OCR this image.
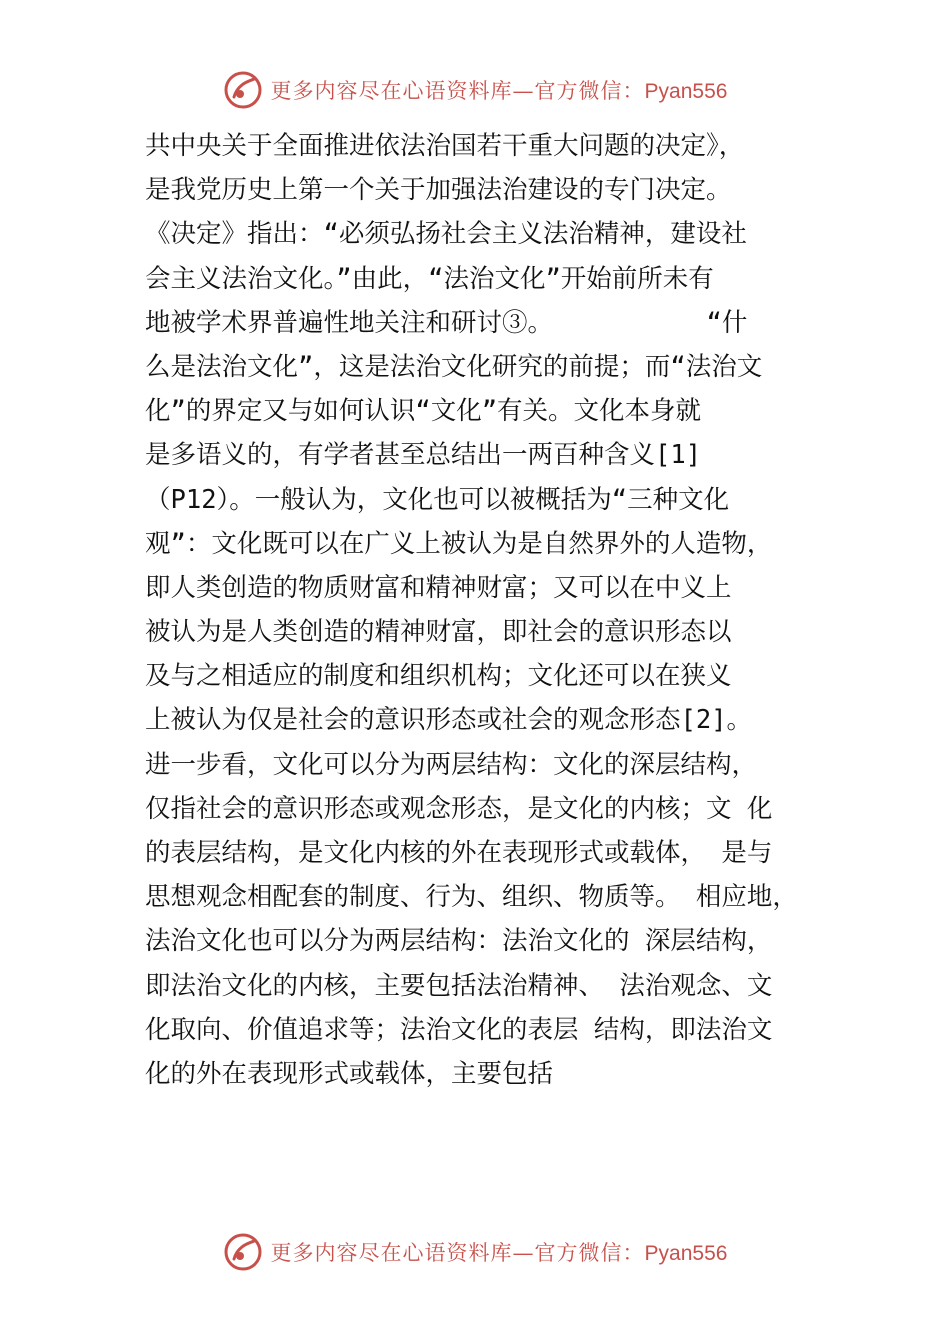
更多内容尽在心语资料库—官方微信：Pyan556
共中央关于全面推进依法治国若干重大问题的决定》，
是我党历史上第一个关于加强法治建设的专门决定。
《决定》指出：“必须弘扬社会主义法治精神，建设社
会主义法治文化。”由此，“法治文化”开始前所未有
地被学术界普遍性地关注和研讨③。          “什
么是法治文化”，这是法治文化研究的前提；而“法治文
化”的界定又与如何认识“文化”有关。文化本身就
是多语义的，有学者甚至总结出一两百种含义[1]
（P12）。一般认为，文化也可以被概括为“三种文化
观”：文化既可以在广义上被认为是自然界外的人造物，
即人类创造的物质财富和精神财富；又可以在中义上
被认为是人类创造的精神财富，即社会的意识形态以
及与之相适应的制度和组织机构；文化还可以在狭义
上被认为仅是社会的意识形态或社会的观念形态[2]。
进一步看，文化可以分为两层结构：文化的深层结构，
仅指社会的意识形态或观念形态，是文化的内核；文 化
的表层结构，是文化内核的外在表现形式或载体， 是与
思想观念相配套的制度、行为、组织、物质等。 相应地，
法治文化也可以分为两层结构：法治文化的 深层结构，
即法治文化的内核，主要包括法治精神、 法治观念、文
化取向、价值追求等；法治文化的表层 结构，即法治文
化的外在表现形式或载体，主要包括
更多内容尽在心语资料库—官方微信：Pyan556
